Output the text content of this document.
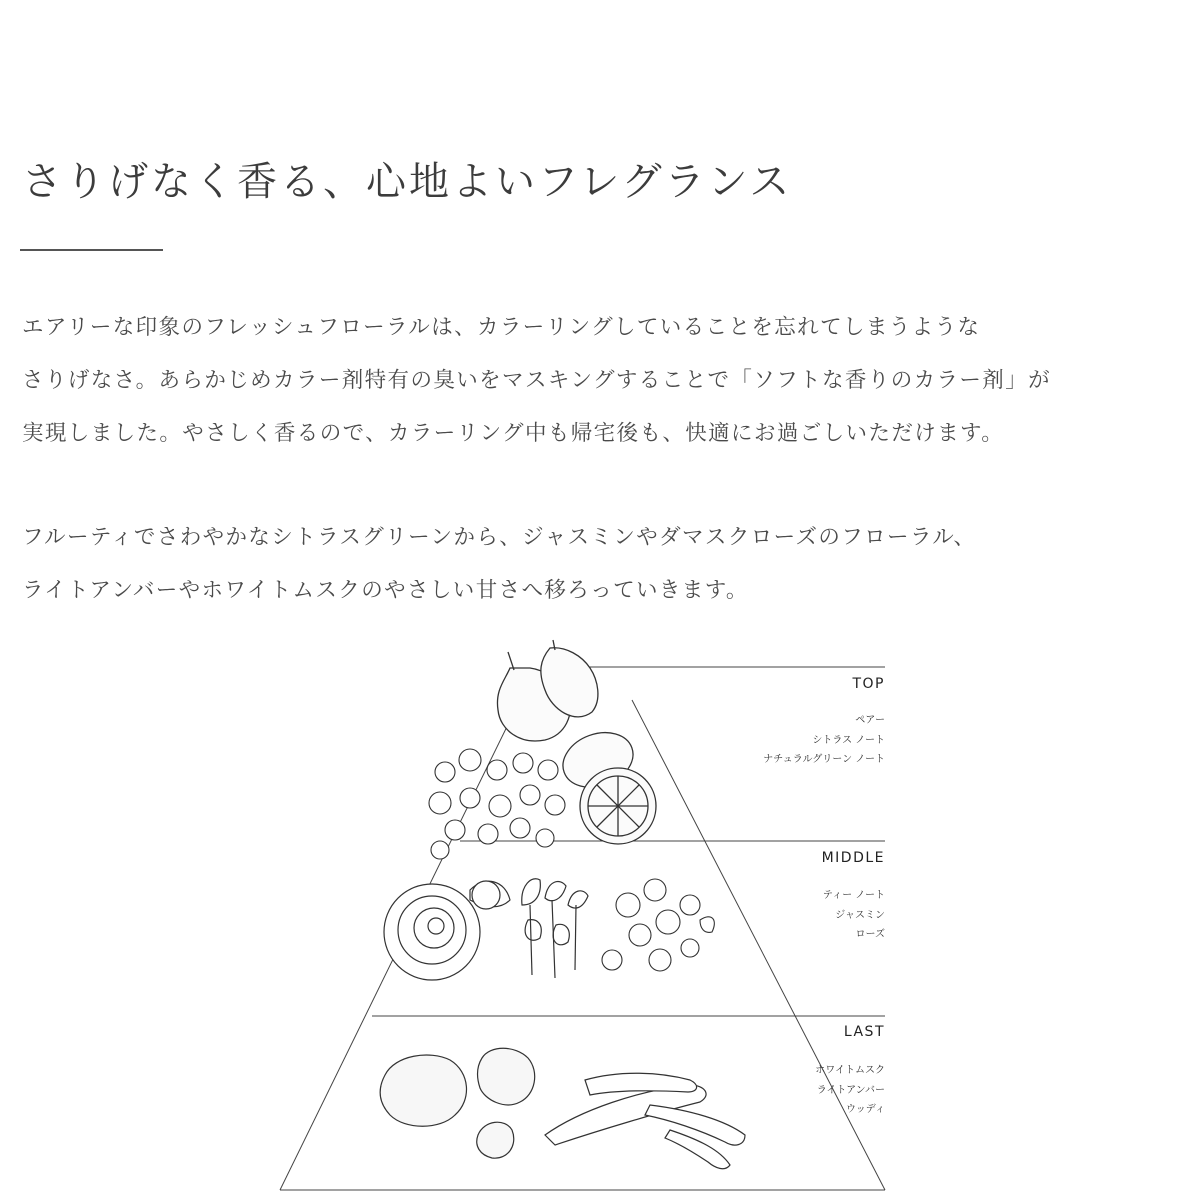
さりげなく香る、心地よいフレグランス

エアリーな印象のフレッシュフローラルは、カラーリングしていることを忘れてしまうような
さりげなさ。あらかじめカラー剤特有の臭いをマスキングすることで「ソフトな香りのカラー剤」が
実現しました。やさしく香るので、カラーリング中も帰宅後も、快適にお過ごしいただけます。

フルーティでさわやかなシトラスグリーンから、ジャスミンやダマスクローズのフローラル、
ライトアンバーやホワイトムスクのやさしい甘さへ移ろっていきます。

TOP
ペアー
シトラス ノート
ナチュラルグリーン ノート
MIDDLE
ティー ノート
ジャスミン
ローズ
LAST
ホワイトムスク
ライトアンバー
ウッディ
